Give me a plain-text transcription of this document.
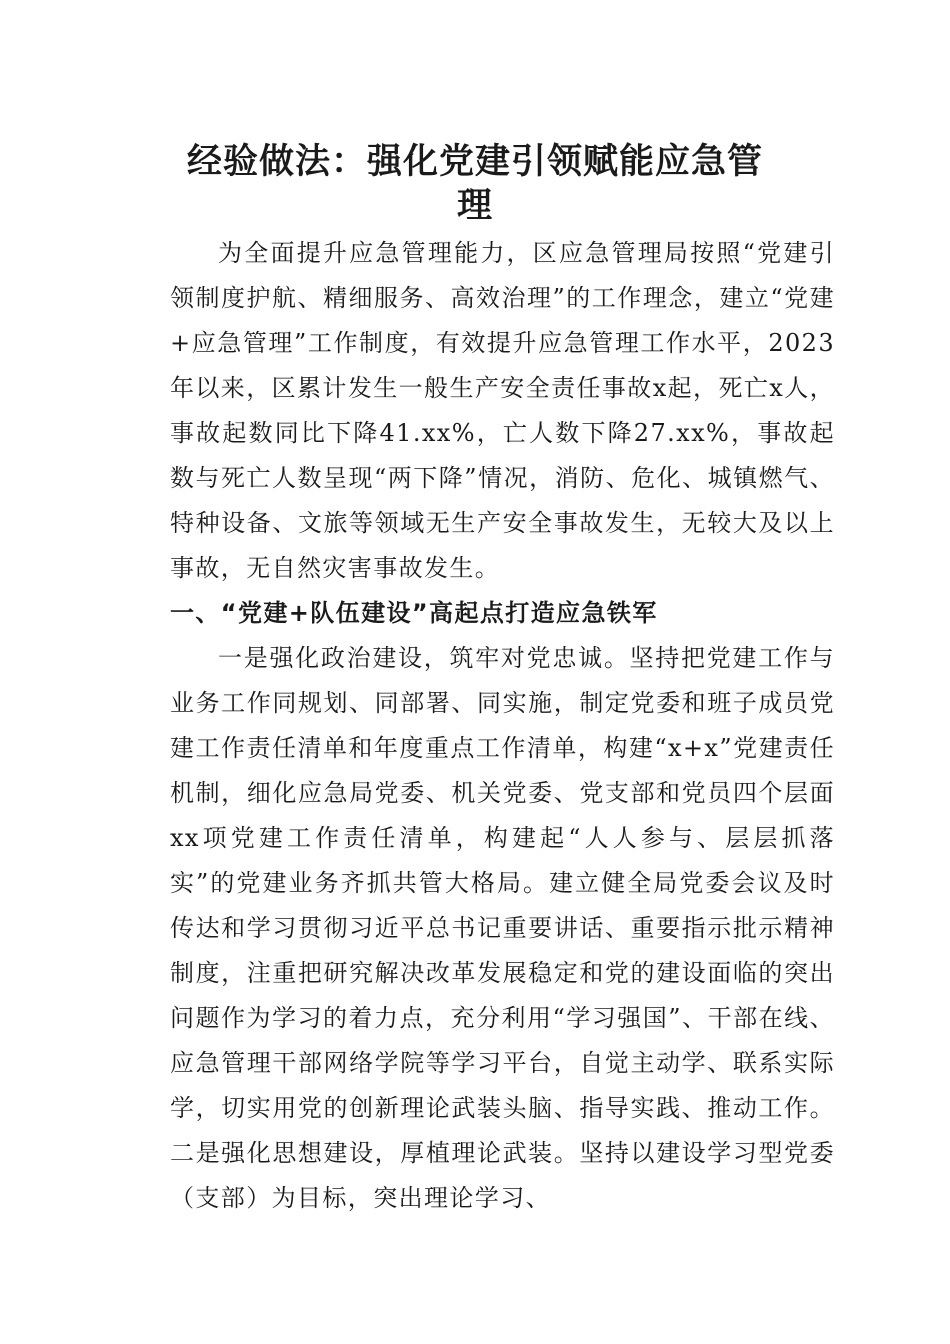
经验做法：强化党建引领赋能应急管理

为全面提升应急管理能力，区应急管理局按照“党建引领制度护航、精细服务、高效治理”的工作理念，建立“党建+应急管理”工作制度，有效提升应急管理工作水平，2023年以来，区累计发生一般生产安全责任事故x起，死亡x人，事故起数同比下降41.xx%，亡人数下降27.xx%，事故起数与死亡人数呈现“两下降”情况，消防、危化、城镇燃气、特种设备、文旅等领域无生产安全事故发生，无较大及以上事故，无自然灾害事故发生。

一、“党建+队伍建设”高起点打造应急铁军

一是强化政治建设，筑牢对党忠诚。坚持把党建工作与业务工作同规划、同部署、同实施，制定党委和班子成员党建工作责任清单和年度重点工作清单，构建“x+x”党建责任机制，细化应急局党委、机关党委、党支部和党员四个层面xx项党建工作责任清单，构建起“人人参与、层层抓落实”的党建业务齐抓共管大格局。建立健全局党委会议及时传达和学习贯彻习近平总书记重要讲话、重要指示批示精神制度，注重把研究解决改革发展稳定和党的建设面临的突出问题作为学习的着力点，充分利用“学习强国”、干部在线、应急管理干部网络学院等学习平台，自觉主动学、联系实际学，切实用党的创新理论武装头脑、指导实践、推动工作。二是强化思想建设，厚植理论武装。坚持以建设学习型党委（支部）为目标，突出理论学习、
